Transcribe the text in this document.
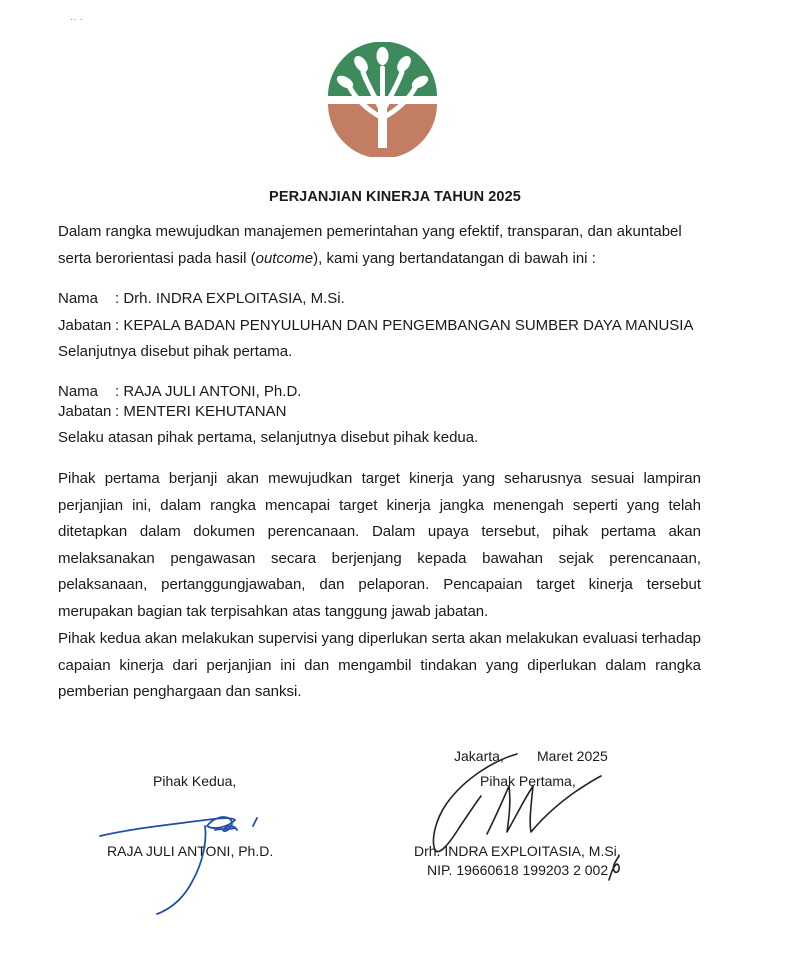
·· ·
PERJANJIAN KINERJA TAHUN 2025

Dalam rangka mewujudkan manajemen pemerintahan yang efektif, transparan, dan akuntabel serta berorientasi pada hasil (outcome), kami yang bertandatangan di bawah ini :

Nama : Drh. INDRA EXPLOITASIA, M.Si.

Jabatan : KEPALA BADAN PENYULUHAN DAN PENGEMBANGAN SUMBER DAYA MANUSIA

Selanjutnya disebut pihak pertama.

Nama : RAJA JULI ANTONI, Ph.D.

Jabatan : MENTERI KEHUTANAN

Selaku atasan pihak pertama, selanjutnya disebut pihak kedua.

Pihak pertama berjanji akan mewujudkan target kinerja yang seharusnya sesuai lampiran perjanjian ini, dalam rangka mencapai target kinerja jangka menengah seperti yang telah ditetapkan dalam dokumen perencanaan. Dalam upaya tersebut, pihak pertama akan melaksanakan pengawasan secara berjenjang kepada bawahan sejak perencanaan, pelaksanaan, pertanggungjawaban, dan pelaporan. Pencapaian target kinerja tersebut merupakan bagian tak terpisahkan atas tanggung jawab jabatan.

Pihak kedua akan melakukan supervisi yang diperlukan serta akan melakukan evaluasi terhadap capaian kinerja dari perjanjian ini dan mengambil tindakan yang diperlukan dalam rangka pemberian penghargaan dan sanksi.

Jakarta, Maret 2025
Pihak Kedua,	Pihak Pertama,
RAJA JULI ANTONI, Ph.D.	Drh. INDRA EXPLOITASIA, M.Si.
NIP. 19660618 199203 2 002
